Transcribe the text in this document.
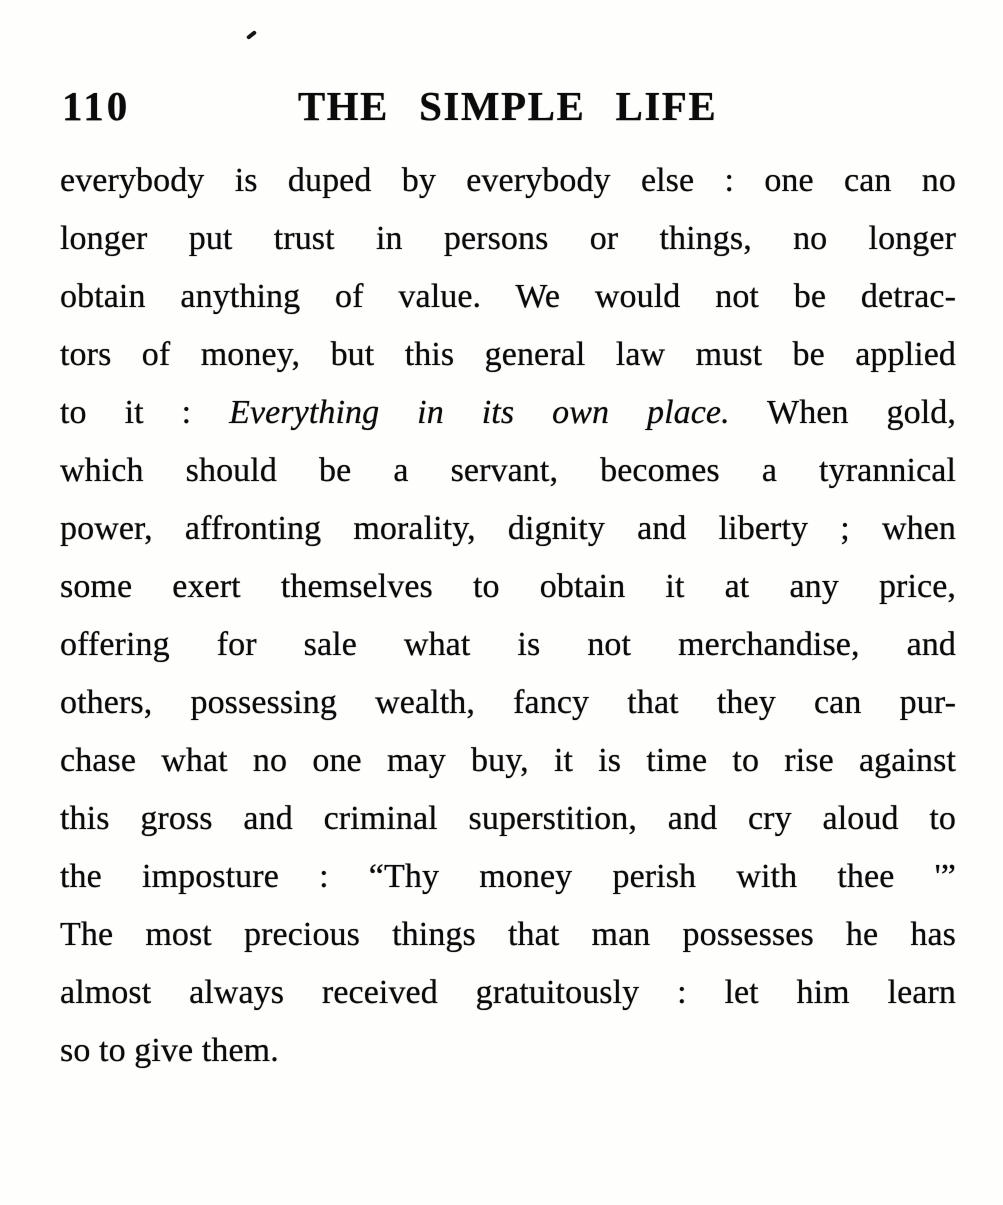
110	THE SIMPLE LIFE

everybody is duped by everybody else : one can no

longer put trust in persons or things, no longer

obtain anything of value. We would not be detrac-

tors of money, but this general law must be applied

to it : Everything in its own place. When gold,

which should be a servant, becomes a tyrannical

power, affronting morality, dignity and liberty ; when

some exert themselves to obtain it at any price,

offering for sale what is not merchandise, and

others, possessing wealth, fancy that they can pur-

chase what no one may buy, it is time to rise against

this gross and criminal superstition, and cry aloud to

the imposture : “Thy money perish with thee '”

The most precious things that man possesses he has

almost always received gratuitously : let him learn

so to give them.
